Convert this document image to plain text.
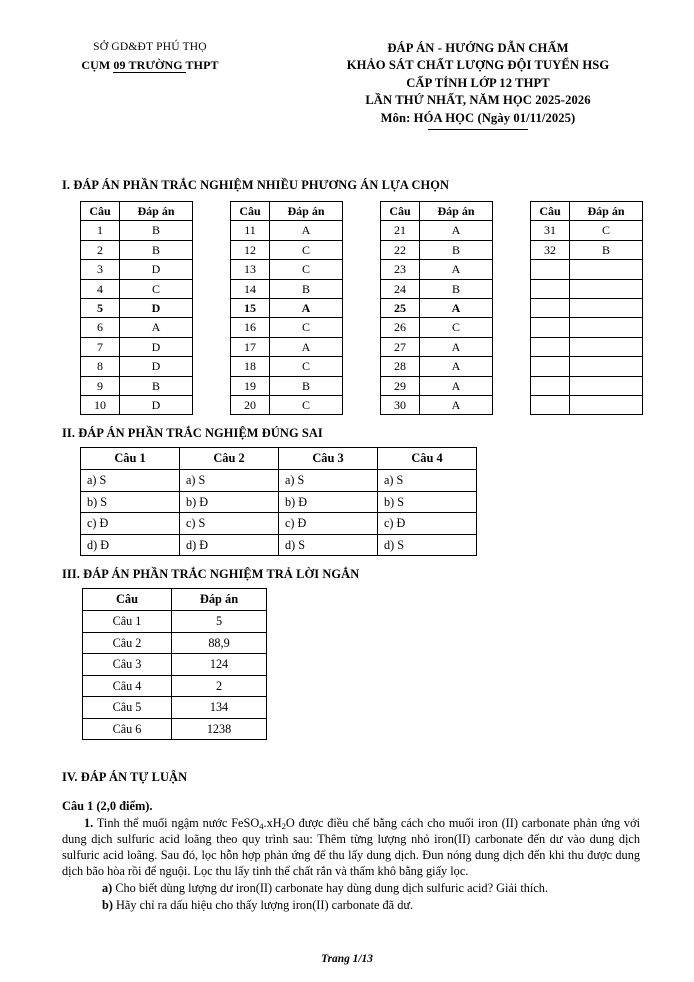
SỞ GD&ĐT PHÚ THỌ
CỤM 09 TRƯỜNG THPT
ĐÁP ÁN - HƯỚNG DẪN CHẤM
KHẢO SÁT CHẤT LƯỢNG ĐỘI TUYỂN HSG
CẤP TỈNH LỚP 12 THPT
LẦN THỨ NHẤT, NĂM HỌC 2025-2026
Môn: HÓA HỌC (Ngày 01/11/2025)
I. ĐÁP ÁN PHẦN TRẮC NGHIỆM NHIỀU PHƯƠNG ÁN LỰA CHỌN
Câu	Đáp án
1	B
2	B
3	D
4	C
5	D
6	A
7	D
8	D
9	B
10	D
Câu	Đáp án
11	A
12	C
13	C
14	B
15	A
16	C
17	A
18	C
19	B
20	C
Câu	Đáp án
21	A
22	B
23	A
24	B
25	A
26	C
27	A
28	A
29	A
30	A
Câu	Đáp án
31	C
32	B

II. ĐÁP ÁN PHẦN TRẮC NGHIỆM ĐÚNG SAI
Câu 1	Câu 2	Câu 3	Câu 4
a) S	a) S	a) S	a) S
b) S	b) Đ	b) Đ	b) S
c) Đ	c) S	c) Đ	c) Đ
d) Đ	d) Đ	d) S	d) S
III. ĐÁP ÁN PHẦN TRẮC NGHIỆM TRẢ LỜI NGẮN
Câu	Đáp án
Câu 1	5
Câu 2	88,9
Câu 3	124
Câu 4	2
Câu 5	134
Câu 6	1238
IV. ĐÁP ÁN TỰ LUẬN
Câu 1 (2,0 điểm).
1. Tinh thể muối ngậm nước $FeSO_4.xH_2O$ được điều chế bằng cách cho muối iron (II) carbonate phản ứng với dung dịch sulfuric acid loãng theo quy trình sau: Thêm từng lượng nhỏ iron(II) carbonate đến dư vào dung dịch sulfuric acid loãng. Sau đó, lọc hỗn hợp phản ứng để thu lấy dung dịch. Đun nóng dung dịch đến khi thu được dung dịch bão hòa rồi để nguội. Lọc thu lấy tinh thể chất rắn và thấm khô bằng giấy lọc.
a) Cho biết dùng lượng dư iron(II) carbonate hay dùng dung dịch sulfuric acid? Giải thích.
b) Hãy chỉ ra dấu hiệu cho thấy lượng iron(II) carbonate đã dư.
Trang 1/13
